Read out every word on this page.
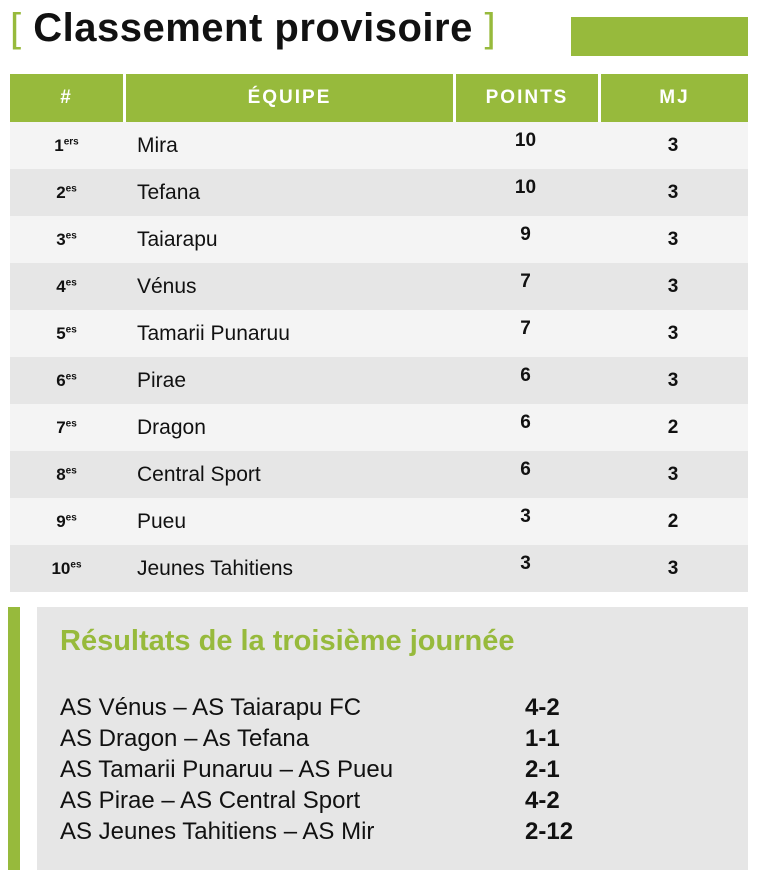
[ Classement provisoire ]
#	ÉQUIPE	POINTS	MJ
1ers	Mira	10	3
$2^{es}$	Tefana	10	3
$3^{es}$	Taiarapu	9	3
$4^{es}$	Vénus	7	3
$5^{es}$	Tamarii Punaruu	7	3
$6^{es}$	Pirae	6	3
$7^{es}$	Dragon	6	2
$8^{es}$	Central Sport	6	3
$9^{es}$	Pueu	3	2
$10^{es}$	Jeunes Tahitiens	3	3
Résultats de la troisième journée
AS Vénus – AS Taiarapu FC	4-2
AS Dragon – As Tefana	1-1
AS Tamarii Punaruu – AS Pueu	2-1
AS Pirae – AS Central Sport	4-2
AS Jeunes Tahitiens – AS Mir	2-12
